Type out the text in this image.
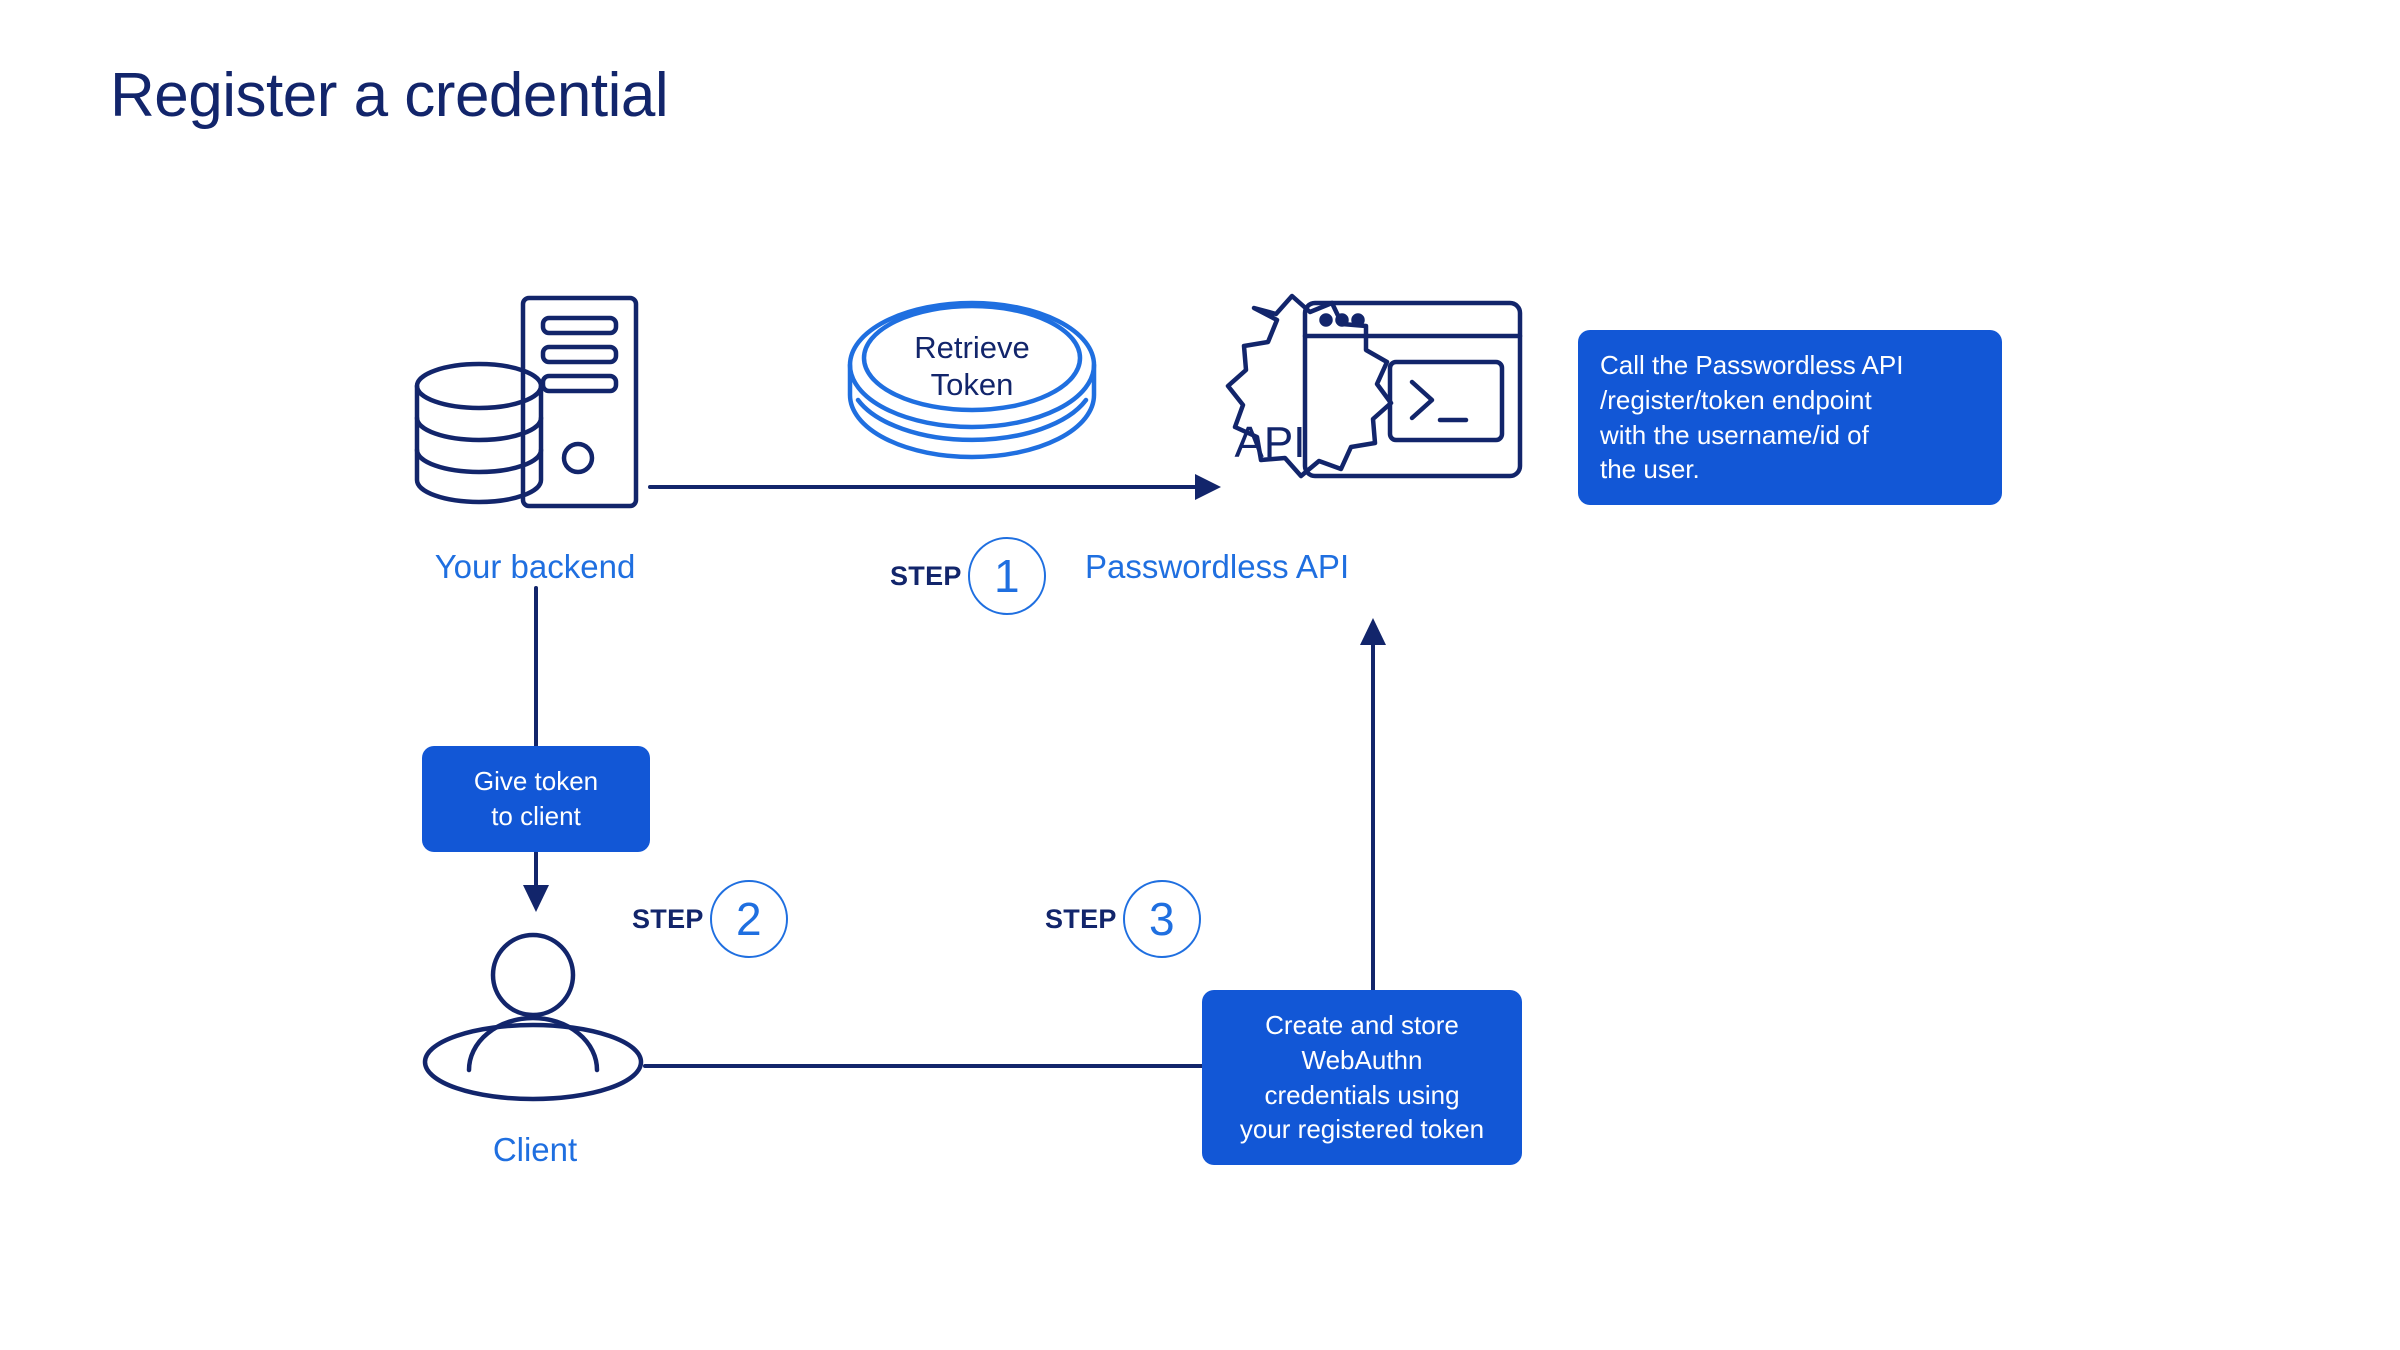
Register a credential
Retrieve
Token
Your backend	Passwordless API
Client
STEP 1
STEP 2	STEP 3
Call the Passwordless API
/register/token endpoint
with the username/id of
the user.
Give token
to client
Create and store
WebAuthn
credentials using
your registered token
API
